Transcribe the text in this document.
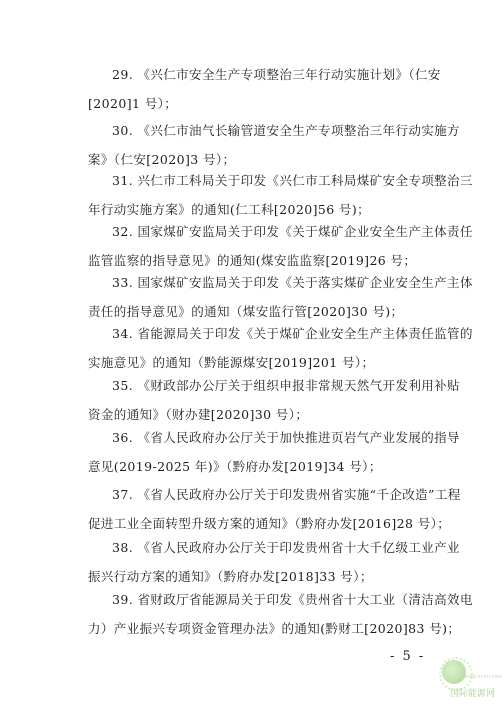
29. 《兴仁市安全生产专项整治三年行动实施计划》（仁安
[2020]1 号）；
30. 《兴仁市油气长输管道安全生产专项整治三年行动实施方
案》（仁安[2020]3 号）；
31. 兴仁市工科局关于印发《兴仁市工科局煤矿安全专项整治三
年行动实施方案》的通知(仁工科[2020]56 号)；
32. 国家煤矿安监局关于印发《关于煤矿企业安全生产主体责任
监管监察的指导意见》的通知(煤安监监察[2019]26 号；
33. 国家煤矿安监局关于印发《关于落实煤矿企业安全生产主体
责任的指导意见》的通知（煤安监行管[2020]30 号)；
34. 省能源局关于印发《关于煤矿企业安全生产主体责任监管的
实施意见》的通知（黔能源煤安[2019]201 号）；
35. 《财政部办公厅关于组织申报非常规天然气开发利用补贴
资金的通知》（财办建[2020]30 号）；
36. 《省人民政府办公厅关于加快推进页岩气产业发展的指导
意见(2019-2025 年)》（黔府办发[2019]34 号）；
37. 《省人民政府办公厅关于印发贵州省实施“千企改造”工程
促进工业全面转型升级方案的通知》（黔府办发[2016]28 号）；
38. 《省人民政府办公厅关于印发贵州省十大千亿级工业产业
振兴行动方案的通知》（黔府办发[2018]33 号）；
39. 省财政厅省能源局关于印发《贵州省十大工业（清洁高效电
力）产业振兴专项资金管理办法》的通知(黔财工[2020]83 号)；
- 5 -
www.in-en.com
国际能源网
